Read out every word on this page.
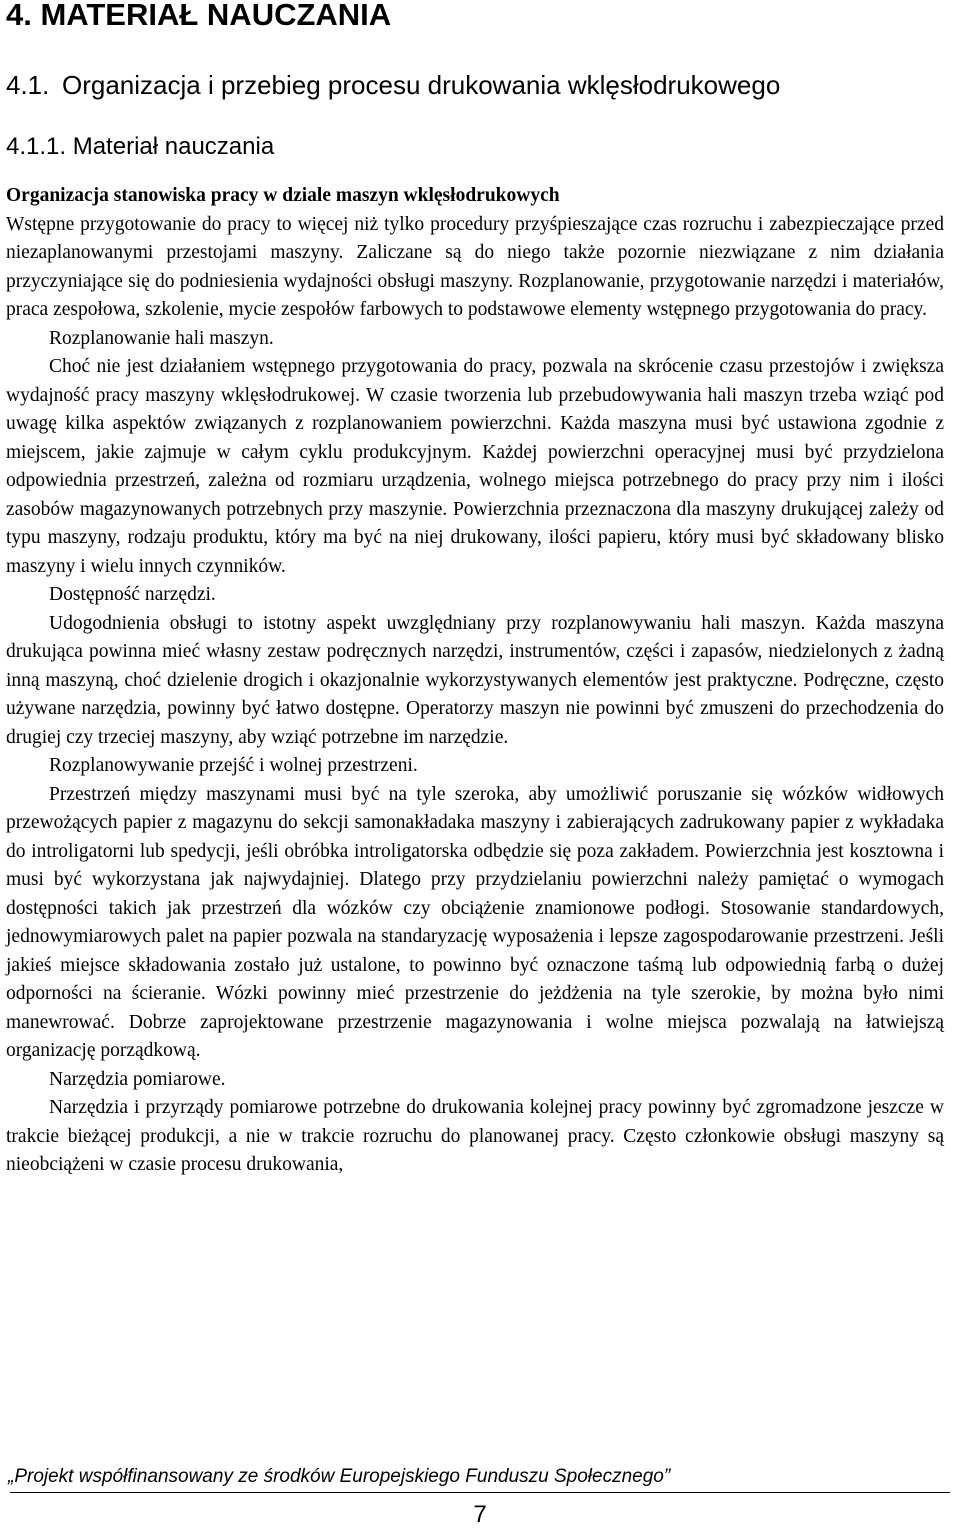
4. MATERIAŁ NAUCZANIA
4.1. Organizacja i przebieg procesu drukowania wklęsłodrukowego
4.1.1. Materiał nauczania

Organizacja stanowiska pracy w dziale maszyn wklęsłodrukowych

Wstępne przygotowanie do pracy to więcej niż tylko procedury przyśpieszające czas rozruchu i zabezpieczające przed niezaplanowanymi przestojami maszyny. Zaliczane są do niego także pozornie niezwiązane z nim działania przyczyniające się do podniesienia wydajności obsługi maszyny. Rozplanowanie, przygotowanie narzędzi i materiałów, praca zespołowa, szkolenie, mycie zespołów farbowych to podstawowe elementy wstępnego przygotowania do pracy.

Rozplanowanie hali maszyn.

Choć nie jest działaniem wstępnego przygotowania do pracy, pozwala na skrócenie czasu przestojów i zwiększa wydajność pracy maszyny wklęsłodrukowej. W czasie tworzenia lub przebudowywania hali maszyn trzeba wziąć pod uwagę kilka aspektów związanych z rozplanowaniem powierzchni. Każda maszyna musi być ustawiona zgodnie z miejscem, jakie zajmuje w całym cyklu produkcyjnym. Każdej powierzchni operacyjnej musi być przydzielona odpowiednia przestrzeń, zależna od rozmiaru urządzenia, wolnego miejsca potrzebnego do pracy przy nim i ilości zasobów magazynowanych potrzebnych przy maszynie. Powierzchnia przeznaczona dla maszyny drukującej zależy od typu maszyny, rodzaju produktu, który ma być na niej drukowany, ilości papieru, który musi być składowany blisko maszyny i wielu innych czynników.

Dostępność narzędzi.

Udogodnienia obsługi to istotny aspekt uwzględniany przy rozplanowywaniu hali maszyn. Każda maszyna drukująca powinna mieć własny zestaw podręcznych narzędzi, instrumentów, części i zapasów, niedzielonych z żadną inną maszyną, choć dzielenie drogich i okazjonalnie wykorzystywanych elementów jest praktyczne. Podręczne, często używane narzędzia, powinny być łatwo dostępne. Operatorzy maszyn nie powinni być zmuszeni do przechodzenia do drugiej czy trzeciej maszyny, aby wziąć potrzebne im narzędzie.

Rozplanowywanie przejść i wolnej przestrzeni.

Przestrzeń między maszynami musi być na tyle szeroka, aby umożliwić poruszanie się wózków widłowych przewożących papier z magazynu do sekcji samonakładaka maszyny i zabierających zadrukowany papier z wykładaka do introligatorni lub spedycji, jeśli obróbka introligatorska odbędzie się poza zakładem. Powierzchnia jest kosztowna i musi być wykorzystana jak najwydajniej. Dlatego przy przydzielaniu powierzchni należy pamiętać o wymogach dostępności takich jak przestrzeń dla wózków czy obciążenie znamionowe podłogi. Stosowanie standardowych, jednowymiarowych palet na papier pozwala na standaryzację wyposażenia i lepsze zagospodarowanie przestrzeni. Jeśli jakieś miejsce składowania zostało już ustalone, to powinno być oznaczone taśmą lub odpowiednią farbą o dużej odporności na ścieranie. Wózki powinny mieć przestrzenie do jeżdżenia na tyle szerokie, by można było nimi manewrować. Dobrze zaprojektowane przestrzenie magazynowania i wolne miejsca pozwalają na łatwiejszą organizację porządkową.

Narzędzia pomiarowe.

Narzędzia i przyrządy pomiarowe potrzebne do drukowania kolejnej pracy powinny być zgromadzone jeszcze w trakcie bieżącej produkcji, a nie w trakcie rozruchu do planowanej pracy. Często członkowie obsługi maszyny są nieobciążeni w czasie procesu drukowania,

„Projekt współfinansowany ze środków Europejskiego Funduszu Społecznego”
7
